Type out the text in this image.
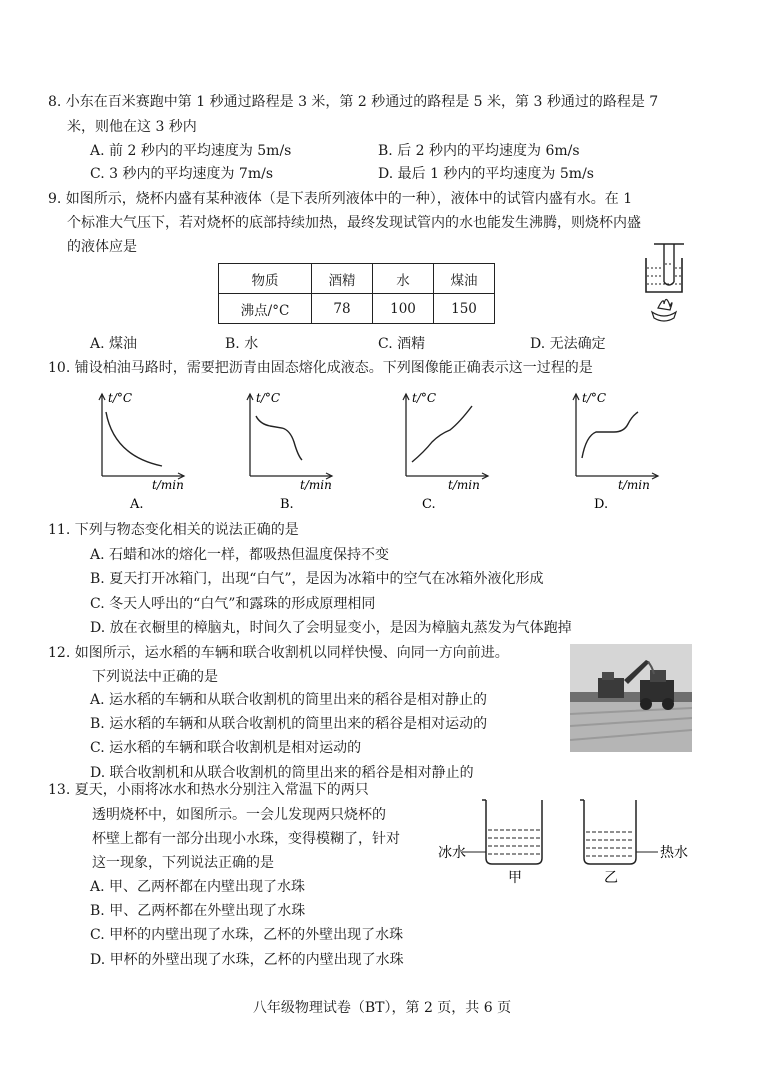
8. 小东在百米赛跑中第 1 秒通过路程是 3 米，第 2 秒通过的路程是 5 米，第 3 秒通过的路程是 7
米，则他在这 3 秒内
A. 前 2 秒内的平均速度为 5m/s	B. 后 2 秒内的平均速度为 6m/s
C. 3 秒内的平均速度为 7m/s	D. 最后 1 秒内的平均速度为 5m/s
9. 如图所示，烧杯内盛有某种液体（是下表所列液体中的一种），液体中的试管内盛有水。在 1
个标准大气压下，若对烧杯的底部持续加热，最终发现试管内的水也能发生沸腾，则烧杯内盛
的液体应是
物质	酒精	水	煤油
沸点/°C	78	100	150
A. 煤油	B. 水	C. 酒精	D. 无法确定
10. 铺设柏油马路时，需要把沥青由固态熔化成液态。下列图像能正确表示这一过程的是
t/°C
t/min
A.
t/°C
t/min
B.
t/°C
t/min
C.
t/°C
t/min
D.
11. 下列与物态变化相关的说法正确的是
A. 石蜡和冰的熔化一样，都吸热但温度保持不变
B. 夏天打开冰箱门，出现“白气”，是因为冰箱中的空气在冰箱外液化形成
C. 冬天人呼出的“白气”和露珠的形成原理相同
D. 放在衣橱里的樟脑丸，时间久了会明显变小，是因为樟脑丸蒸发为气体跑掉
12. 如图所示，运水稻的车辆和联合收割机以同样快慢、向同一方向前进。
下列说法中正确的是
A. 运水稻的车辆和从联合收割机的筒里出来的稻谷是相对静止的
B. 运水稻的车辆和从联合收割机的筒里出来的稻谷是相对运动的
C. 运水稻的车辆和联合收割机是相对运动的
D. 联合收割机和从联合收割机的筒里出来的稻谷是相对静止的
13. 夏天，小雨将冰水和热水分别注入常温下的两只
透明烧杯中，如图所示。一会儿发现两只烧杯的
杯壁上都有一部分出现小水珠，变得模糊了，针对
这一现象，下列说法正确的是
A. 甲、乙两杯都在内壁出现了水珠
B. 甲、乙两杯都在外壁出现了水珠
C. 甲杯的内壁出现了水珠，乙杯的外壁出现了水珠
D. 甲杯的外壁出现了水珠，乙杯的内壁出现了水珠
冰水
甲
热水
乙
八年级物理试卷（BT），第 2 页，共 6 页
